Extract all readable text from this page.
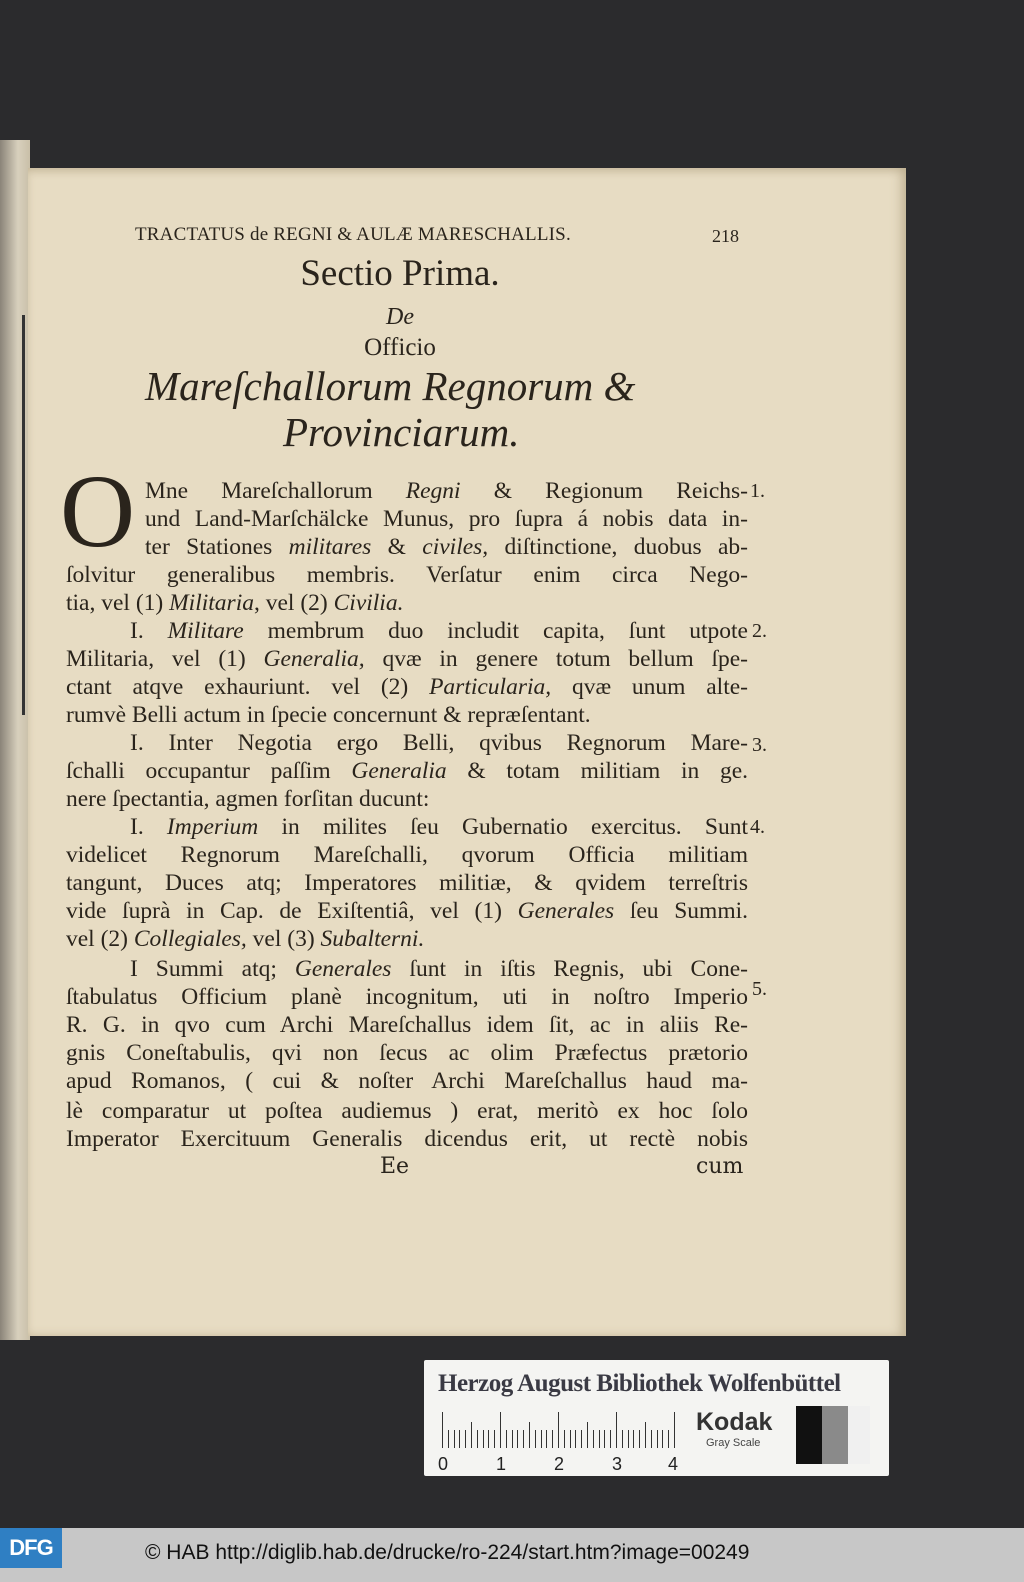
TRACTATUS de REGNI & AULÆ MARESCHALLIS.	218
Sectio Prima.
De
Officio
Mareſchallorum Regnorum &
Provinciarum.
O Mne Mareſchallorum Regni & Regionum Reichs-
und Land-Marſchälcke Munus, pro ſupra á nobis data in-
ter Stationes militares & civiles, diſtinctione, duobus ab-
ſolvitur generalibus membris. Verſatur enim circa Nego-
tia, vel (1) Militaria, vel (2) Civilia.
I. Militare membrum duo includit capita, ſunt utpote
Militaria, vel (1) Generalia, qvæ in genere totum bellum ſpe-
ctant atqve exhauriunt. vel (2) Particularia, qvæ unum alte-
rumvè Belli actum in ſpecie concernunt & repræſentant.
I. Inter Negotia ergo Belli, qvibus Regnorum Mare-
ſchalli occupantur paſſim Generalia & totam militiam in ge.
nere ſpectantia, agmen forſitan ducunt:
I. Imperium in milites ſeu Gubernatio exercitus. Sunt
videlicet Regnorum Mareſchalli, qvorum Officia militiam
tangunt, Duces atq; Imperatores militiæ, & qvidem terreſtris
vide ſuprà in Cap. de Exiſtentiâ, vel (1) Generales ſeu Summi.
vel (2) Collegiales, vel (3) Subalterni.
I Summi atq; Generales ſunt in iſtis Regnis, ubi Cone-
ſtabulatus Officium planè incognitum, uti in noſtro Imperio
R. G. in qvo cum Archi Mareſchallus idem ſit, ac in aliis Re-
gnis Coneſtabulis, qvi non ſecus ac olim Præfectus prætorio
apud Romanos, ( cui & noſter Archi Mareſchallus haud ma-
lè comparatur ut poſtea audiemus ) erat, meritò ex hoc ſolo
Imperator Exercituum Generalis dicendus erit, ut rectè nobis
1.
2.
3.
4.
5.
Ee	cum
Herzog August Bibliothek Wolfenbüttel
0	1	2	3	4
Kodak
Gray Scale
DFG	© HAB http://diglib.hab.de/drucke/ro-224/start.htm?image=00249
